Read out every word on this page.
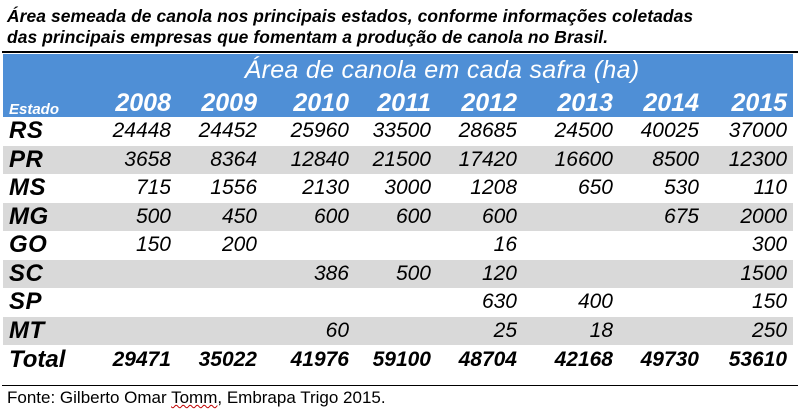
Área semeada de canola nos principais estados, conforme informações coletadas
das principais empresas que fomentam a produção de canola no Brasil.
	Área de canola em cada safra (ha)							
Estado	2008	2009	2010	2011	2012	2013	2014	2015
RS	24448	24452	25960	33500	28685	24500	40025	37000
PR	3658	8364	12840	21500	17420	16600	8500	12300
MS	715	1556	2130	3000	1208	650	530	110
MG	500	450	600	600	600		675	2000
GO	150	200			16			300
SC			386	500	120			1500
SP					630	400		150
MT			60		25	18		250
Total	29471	35022	41976	59100	48704	42168	49730	53610
Fonte: Gilberto Omar Tomm, Embrapa Trigo 2015.
